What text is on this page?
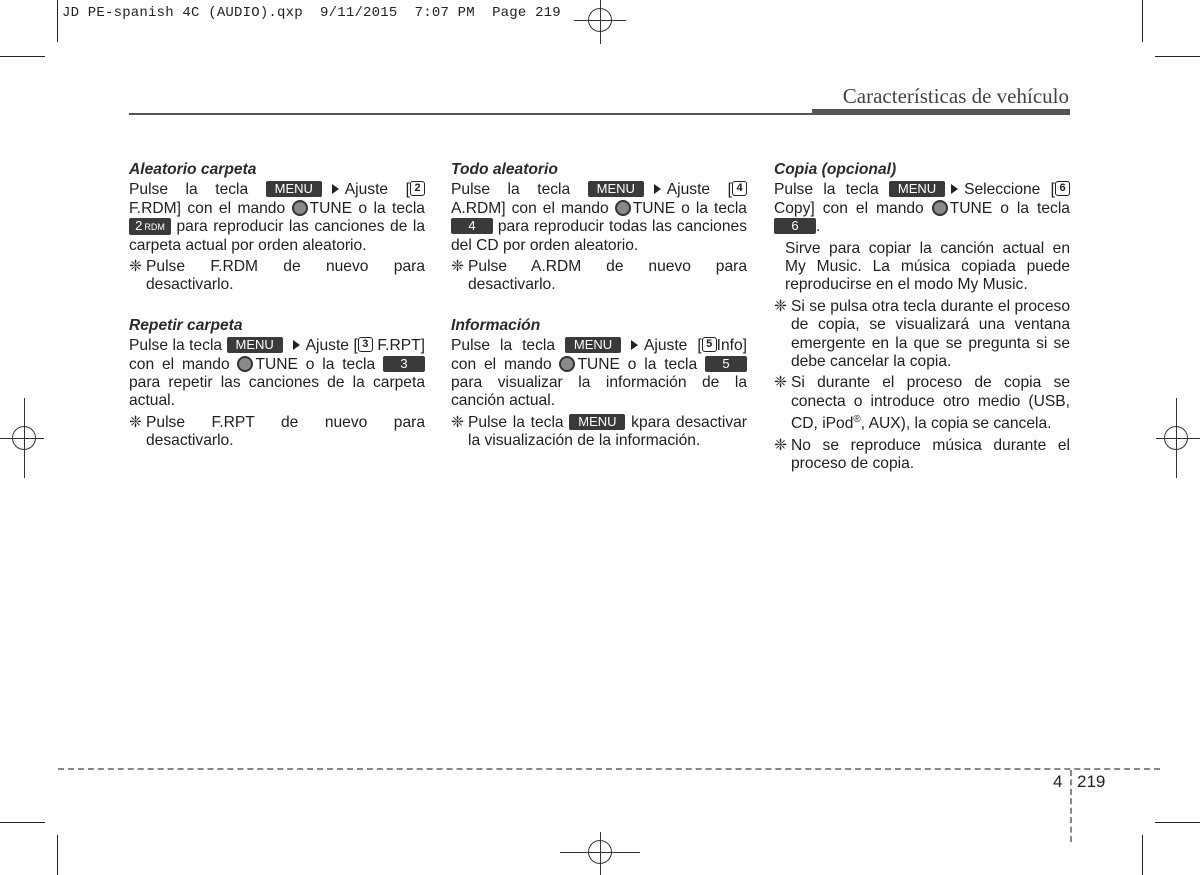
JD PE-spanish 4C (AUDIO).qxp  9/11/2015  7:07 PM  Page 219
Características de vehículo
Aleatorio carpeta

Pulse la tecla MENU Ajuste [ 2 F.RDM] con el mando TUNE o la tecla 2 RDM para reproducir las canciones de la carpeta actual por orden aleatorio.

❈ Pulse F.RDM de nuevo para desactivarlo.
Repetir carpeta

Pulse la tecla MENU Ajuste [ 3 F.RPT] con el mando TUNE o la tecla 3 para repetir las canciones de la carpeta actual.

❈ Pulse F.RPT de nuevo para desactivarlo.
Todo aleatorio

Pulse la tecla MENU Ajuste [ 4 A.RDM] con el mando TUNE o la tecla 4 para reproducir todas las canciones del CD por orden aleatorio.

❈ Pulse A.RDM de nuevo para desactivarlo.
Información

Pulse la tecla MENU Ajuste [ 5 Info] con el mando TUNE o la tecla 5 para visualizar la información de la canción actual.

❈ Pulse la tecla MENU kpara desactivar la visualización de la información.
Copia (opcional)

Pulse la tecla MENU Seleccione [ 6 Copy] con el mando TUNE o la tecla 6 .

Sirve para copiar la canción actual en My Music. La música copiada puede reproducirse en el modo My Music.
❈ Si se pulsa otra tecla durante el proceso de copia, se visualizará una ventana emergente en la que se pregunta si se debe cancelar la copia.
❈ Si durante el proceso de copia se conecta o introduce otro medio (USB, CD, iPod®, AUX), la copia se cancela.
❈ No se reproduce música durante el proceso de copia.
4 219
